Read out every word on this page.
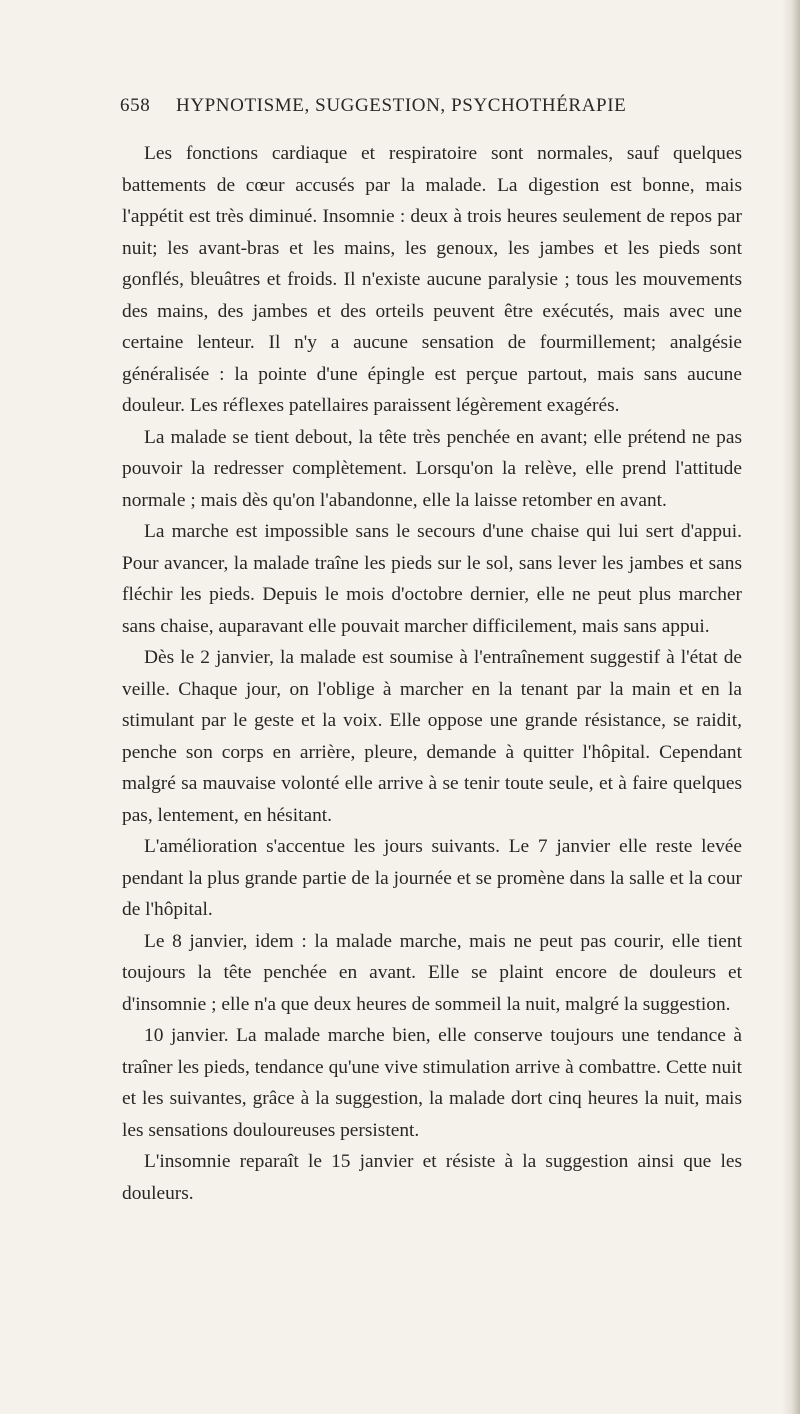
658 HYPNOTISME, SUGGESTION, PSYCHOTHÉRAPIE

Les fonctions cardiaque et respiratoire sont normales, sauf quelques battements de cœur accusés par la malade. La digestion est bonne, mais l'appétit est très diminué. Insomnie : deux à trois heures seulement de repos par nuit; les avant-bras et les mains, les genoux, les jambes et les pieds sont gonflés, bleuâtres et froids. Il n'existe aucune paralysie ; tous les mouvements des mains, des jambes et des orteils peuvent être exécutés, mais avec une certaine lenteur. Il n'y a aucune sensation de fourmillement; analgésie généralisée : la pointe d'une épingle est perçue partout, mais sans aucune douleur. Les réflexes patellaires paraissent légèrement exagérés.

La malade se tient debout, la tête très penchée en avant; elle prétend ne pas pouvoir la redresser complètement. Lorsqu'on la relève, elle prend l'attitude normale ; mais dès qu'on l'abandonne, elle la laisse retomber en avant.

La marche est impossible sans le secours d'une chaise qui lui sert d'appui. Pour avancer, la malade traîne les pieds sur le sol, sans lever les jambes et sans fléchir les pieds. Depuis le mois d'octobre dernier, elle ne peut plus marcher sans chaise, auparavant elle pouvait marcher difficilement, mais sans appui.

Dès le 2 janvier, la malade est soumise à l'entraînement suggestif à l'état de veille. Chaque jour, on l'oblige à marcher en la tenant par la main et en la stimulant par le geste et la voix. Elle oppose une grande résistance, se raidit, penche son corps en arrière, pleure, demande à quitter l'hôpital. Cependant malgré sa mauvaise volonté elle arrive à se tenir toute seule, et à faire quelques pas, lentement, en hésitant.

L'amélioration s'accentue les jours suivants. Le 7 janvier elle reste levée pendant la plus grande partie de la journée et se promène dans la salle et la cour de l'hôpital.

Le 8 janvier, idem : la malade marche, mais ne peut pas courir, elle tient toujours la tête penchée en avant. Elle se plaint encore de douleurs et d'insomnie ; elle n'a que deux heures de sommeil la nuit, malgré la suggestion.

10 janvier. La malade marche bien, elle conserve toujours une tendance à traîner les pieds, tendance qu'une vive stimulation arrive à combattre. Cette nuit et les suivantes, grâce à la suggestion, la malade dort cinq heures la nuit, mais les sensations douloureuses persistent.

L'insomnie reparaît le 15 janvier et résiste à la suggestion ainsi que les douleurs.
